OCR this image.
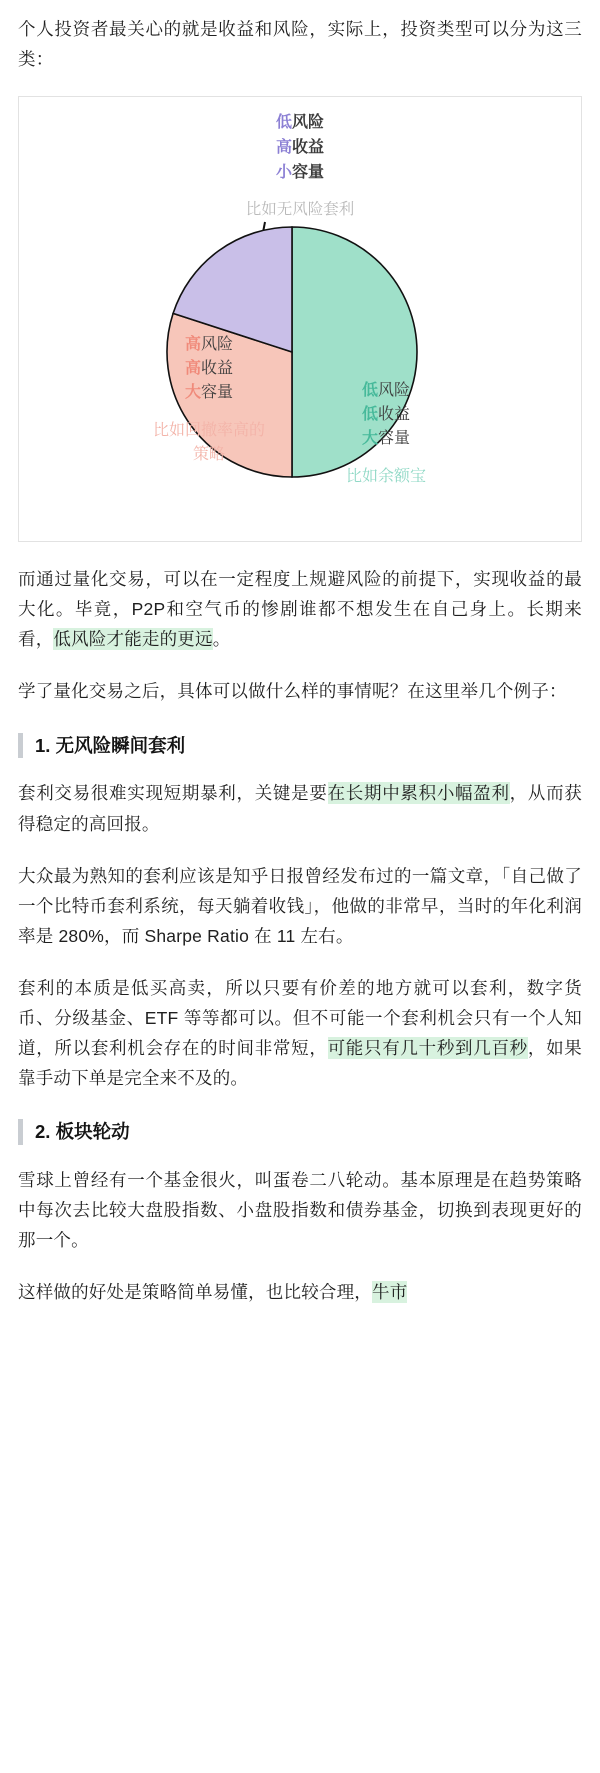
个人投资者最关心的就是收益和风险，实际上，投资类型可以分为这三类：

低风险
高收益
小容量
比如无风险套利
低风险
低收益
大容量
比如余额宝
高风险
高收益
大容量
比如回撤率高的策略

而通过量化交易，可以在一定程度上规避风险的前提下，实现收益的最大化。毕竟，P2P和空气币的惨剧谁都不想发生在自己身上。长期来看，低风险才能走的更远。

学了量化交易之后，具体可以做什么样的事情呢？在这里举几个例子：

1. 无风险瞬间套利

套利交易很难实现短期暴利，关键是要在长期中累积小幅盈利，从而获得稳定的高回报。

大众最为熟知的套利应该是知乎日报曾经发布过的一篇文章，「自己做了一个比特币套利系统，每天躺着收钱」，他做的非常早，当时的年化利润率是 280%，而 Sharpe Ratio 在 11 左右。

套利的本质是低买高卖，所以只要有价差的地方就可以套利，数字货币、分级基金、ETF 等等都可以。但不可能一个套利机会只有一个人知道，所以套利机会存在的时间非常短，可能只有几十秒到几百秒，如果靠手动下单是完全来不及的。

2. 板块轮动

雪球上曾经有一个基金很火，叫蛋卷二八轮动。基本原理是在趋势策略中每次去比较大盘股指数、小盘股指数和债券基金，切换到表现更好的那一个。

这样做的好处是策略简单易懂，也比较合理，牛市
